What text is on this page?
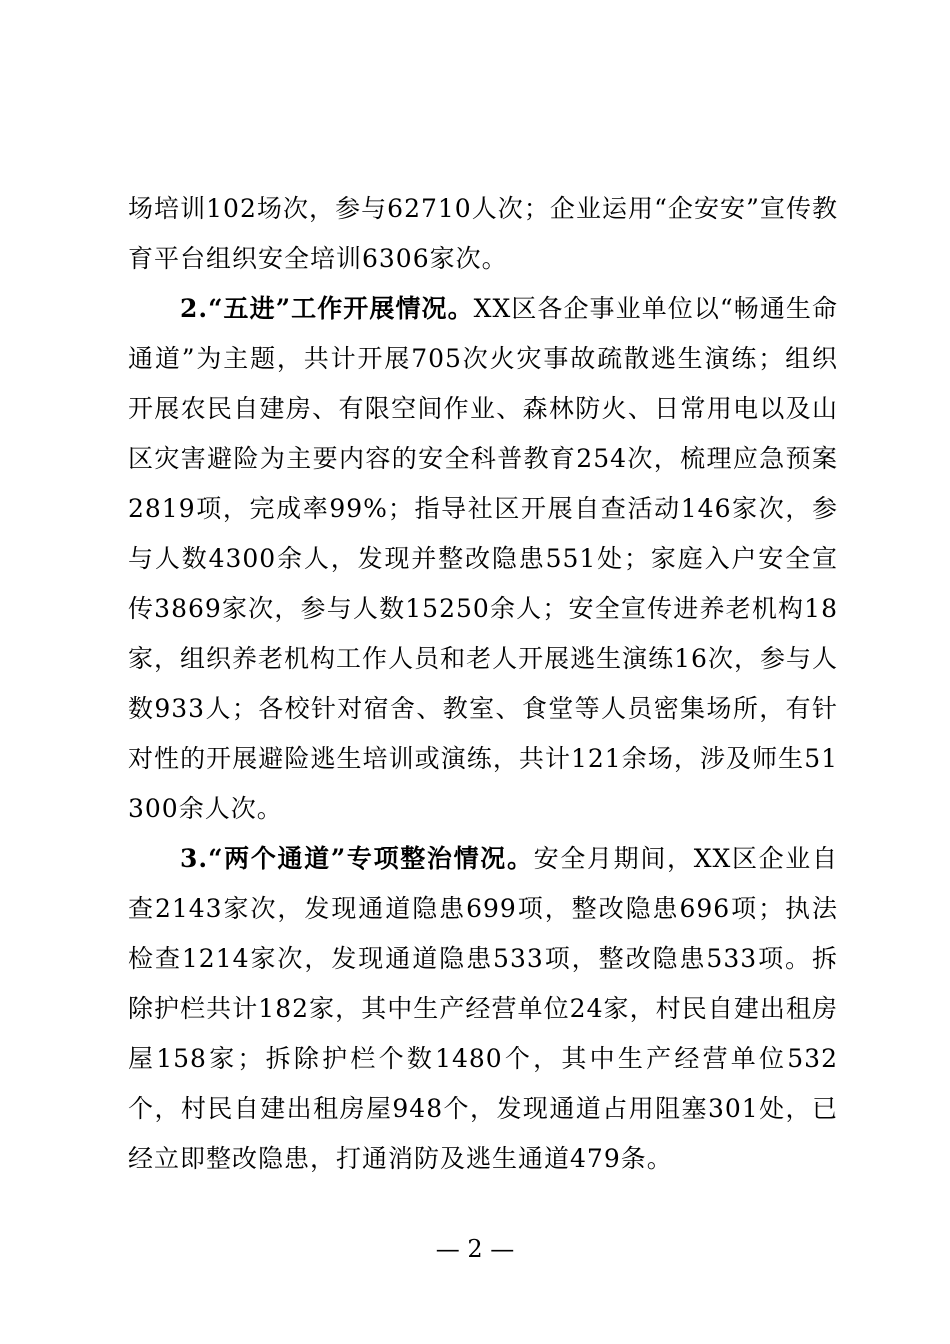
场培训102场次，参与62710人次；企业运用“企安安”宣传教育平台组织安全培训6306家次。

2.“五进”工作开展情况。XX区各企事业单位以“畅通生命通道”为主题，共计开展705次火灾事故疏散逃生演练；组织开展农民自建房、有限空间作业、森林防火、日常用电以及山区灾害避险为主要内容的安全科普教育254次，梳理应急预案2819项，完成率99%；指导社区开展自查活动146家次，参与人数4300余人，发现并整改隐患551处；家庭入户安全宣传3869家次，参与人数15250余人；安全宣传进养老机构18家，组织养老机构工作人员和老人开展逃生演练16次，参与人数933人；各校针对宿舍、教室、食堂等人员密集场所，有针对性的开展避险逃生培训或演练，共计121余场，涉及师生51300余人次。

3.“两个通道”专项整治情况。安全月期间，XX区企业自查2143家次，发现通道隐患699项，整改隐患696项；执法检查1214家次，发现通道隐患533项，整改隐患533项。拆除护栏共计182家，其中生产经营单位24家，村民自建出租房屋158家；拆除护栏个数1480个，其中生产经营单位532个，村民自建出租房屋948个，发现通道占用阻塞301处，已经立即整改隐患，打通消防及逃生通道479条。

— 2 —
